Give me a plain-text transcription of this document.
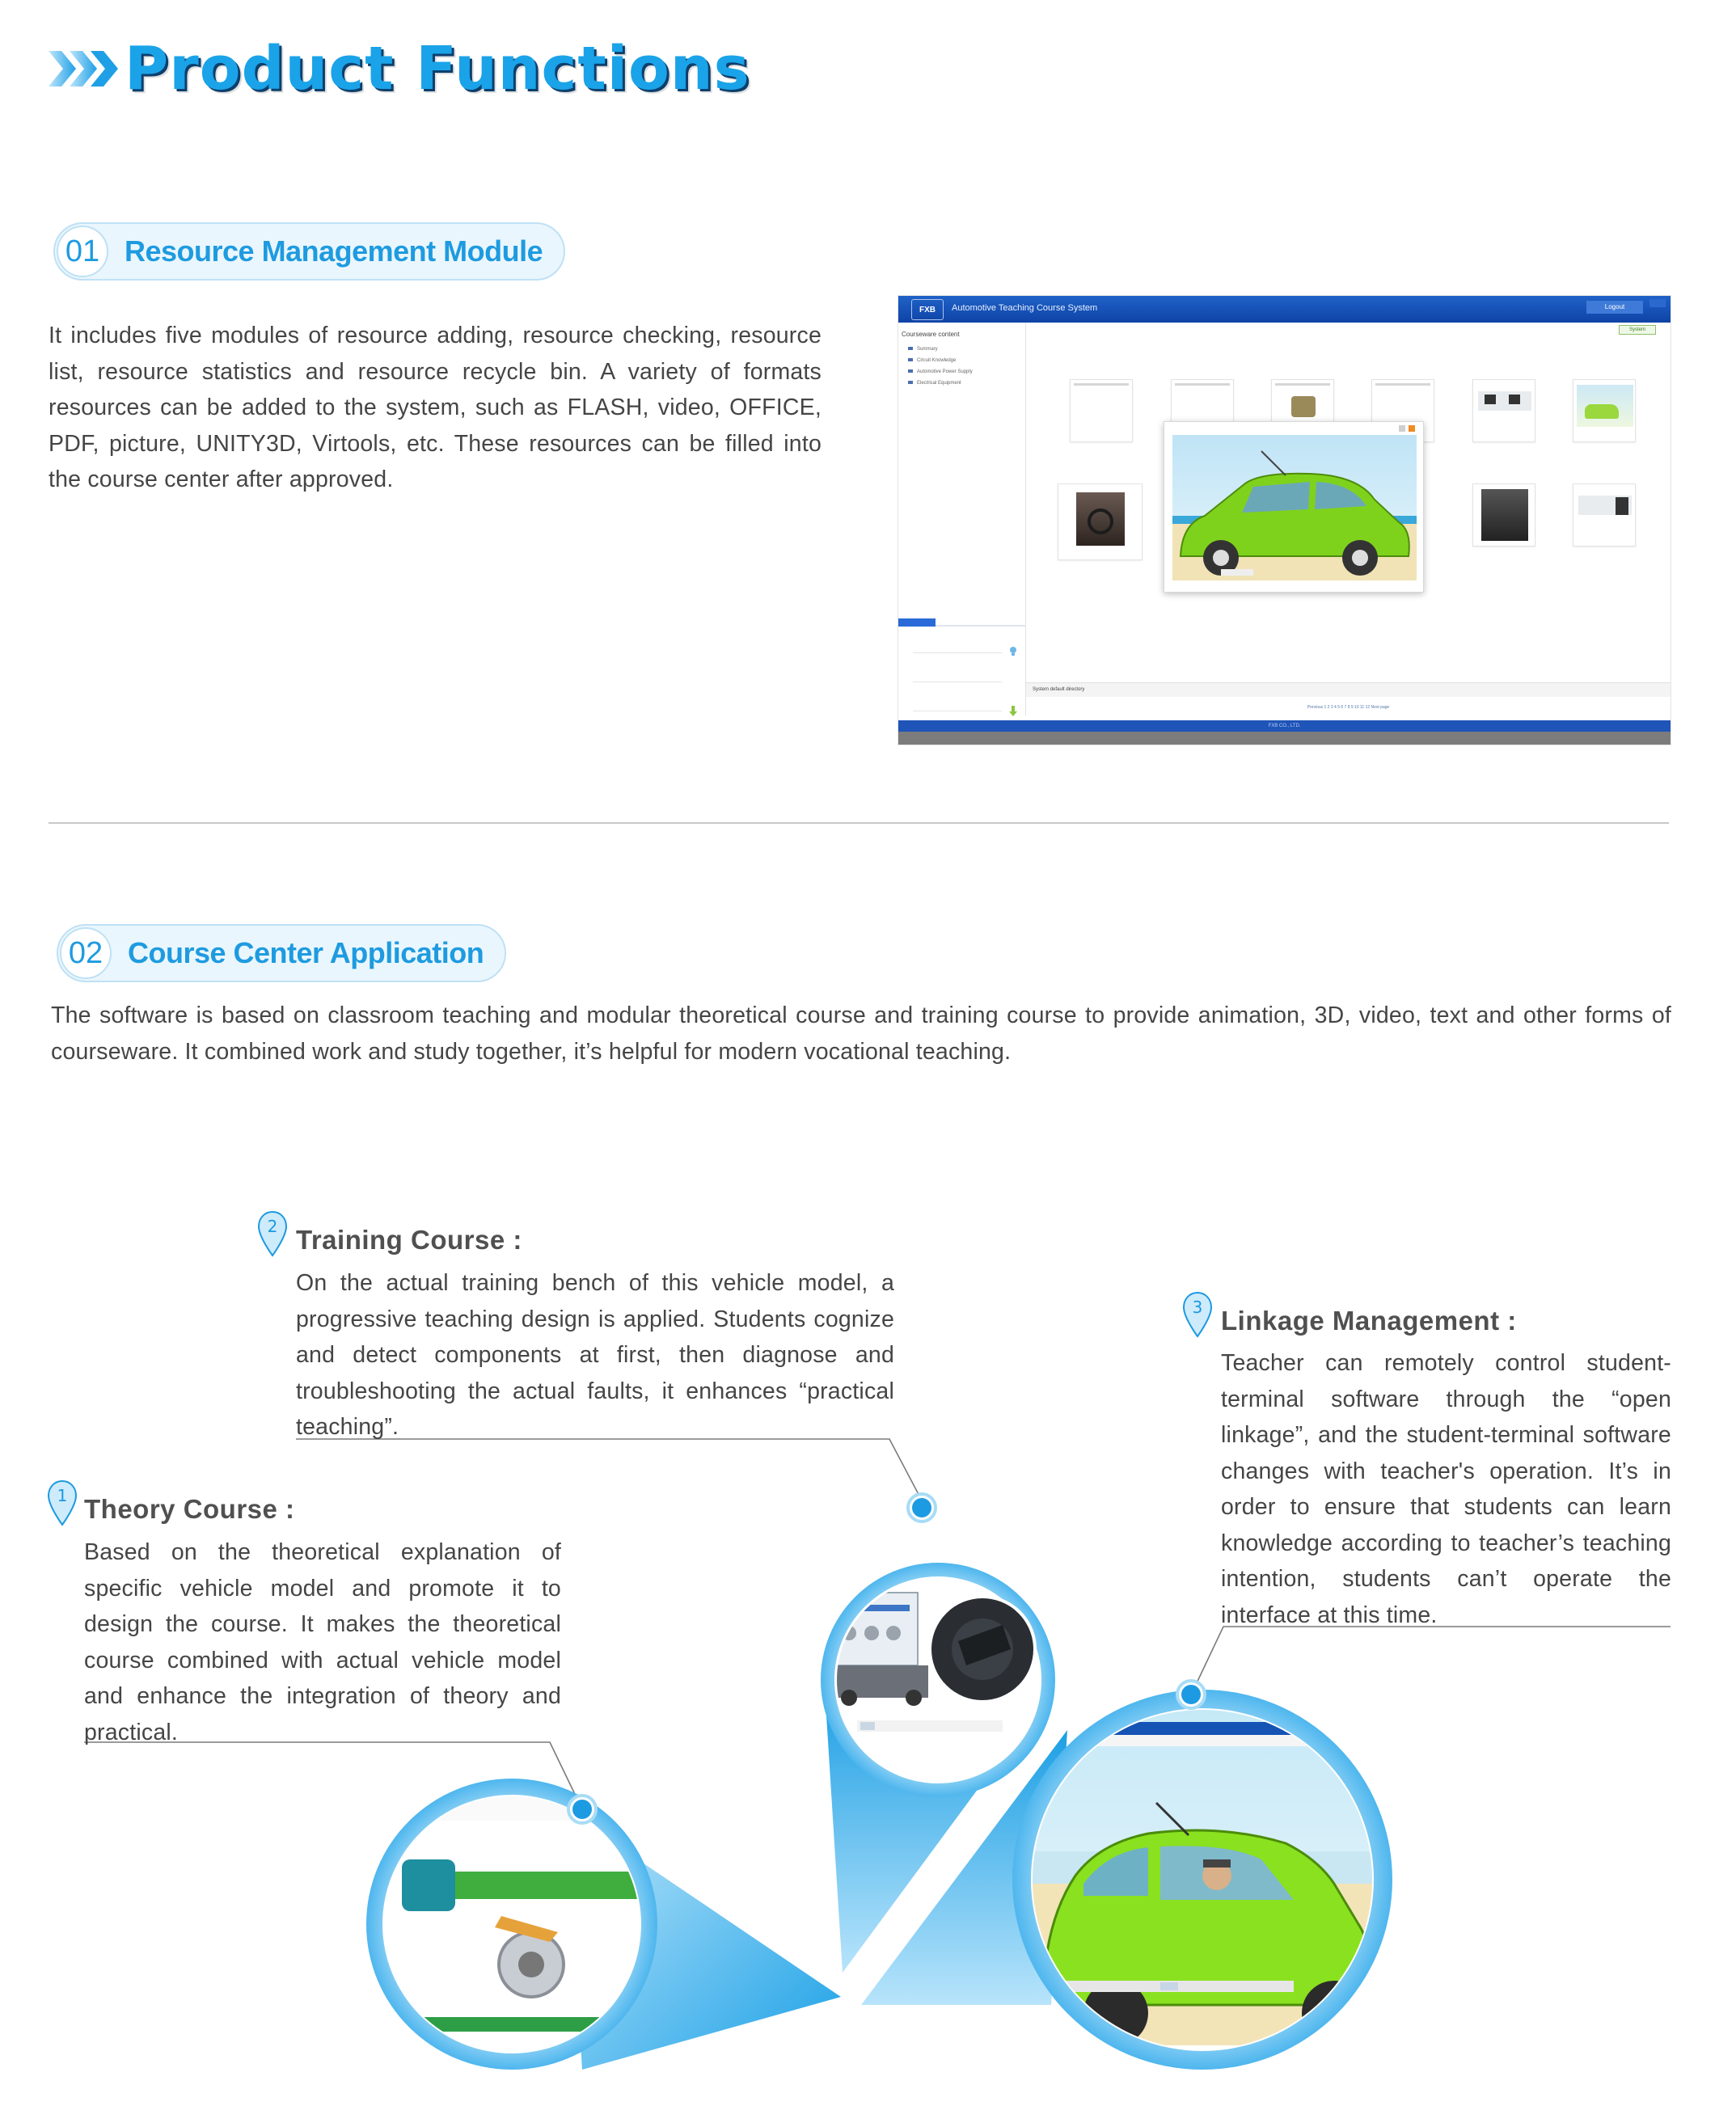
Product Functions
01 Resource Management Module

It includes five modules of resource adding, resource checking, resource list, resource statistics and resource recycle bin. A variety of formats resources can be added to the system, such as FLASH, video, OFFICE, PDF, picture, UNITY3D, Virtools, etc. These resources can be filled into the course center after approved.

FXB	Automotive Teaching Course System	Logout
System
Courseware content
Summary
Circuit Knowledge
Automotive Power Supply
Electrical Equipment
System default directory
Previous 1 2 3 4 5 6 7 8 9 10 11 12 Next page
FXB CO., LTD.
02 Course Center Application

The software is based on classroom teaching and modular theoretical course and training course to provide animation, 3D, video, text and other forms of courseware. It combined work and study together, it’s helpful for modern vocational teaching.

1
2
3
Theory Course :

Based on the theoretical explanation of specific vehicle model and promote it to design the course. It makes the theoretical course combined with actual vehicle model and enhance the integration of theory and practical.

Training Course :

On the actual training bench of this vehicle model, a progressive teaching design is applied. Students cognize and detect components at first, then diagnose and troubleshooting the actual faults, it enhances “practical teaching”.

Linkage Management :

Teacher can remotely control student-terminal software through the “open linkage”, and the student-terminal software changes with teacher's operation. It’s in order to ensure that students can learn knowledge according to teacher’s teaching intention, students can’t operate the interface at this time.
